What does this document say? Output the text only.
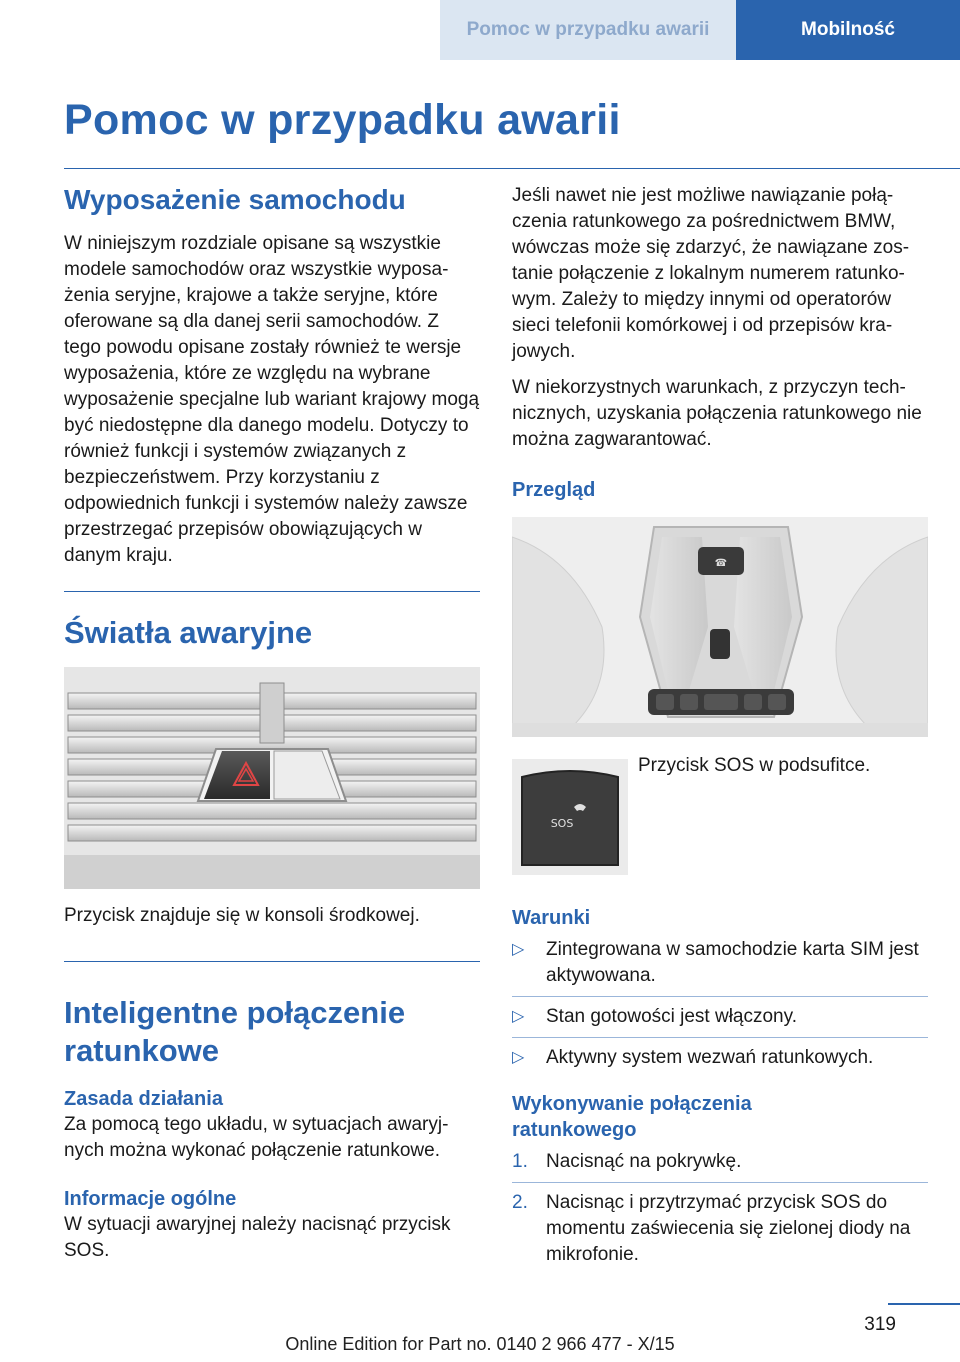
Pomoc w przypadku awarii	Mobilność
Pomoc w przypadku awarii
Wyposażenie samochodu

W niniejszym rozdziale opisane są wszystkie modele samochodów oraz wszystkie wyposażenia seryjne, krajowe a także seryjne, które oferowane są dla danej serii samochodów. Z tego powodu opisane zostały również te wersje wyposażenia, które ze względu na wybrane wyposażenie specjalne lub wariant krajowy mogą być niedostępne dla danego modelu. Dotyczy to również funkcji i systemów związanych z bezpieczeństwem. Przy korzystaniu z odpowiednich funkcji i systemów należy zawsze przestrzegać przepisów obowiązujących w danym kraju.

Światła awaryjne

Przycisk znajduje się w konsoli środkowej.

Inteligentne połączenie ratunkowe
Zasada działania

Za pomocą tego układu, w sytuacjach awaryjnych można wykonać połączenie ratunkowe.

Informacje ogólne

W sytuacji awaryjnej należy nacisnąć przycisk SOS.

Jeśli nawet nie jest możliwe nawiązanie połączenia ratunkowego za pośrednictwem BMW, wówczas może się zdarzyć, że nawiązane zostanie połączenie z lokalnym numerem ratunkowym. Zależy to między innymi od operatorów sieci telefonii komórkowej i od przepisów krajowych.

W niekorzystnych warunkach, z przyczyn technicznych, uzyskania połączenia ratunkowego nie można zagwarantować.

Przegląd
☎
SOS

Przycisk SOS w podsufitce.

Warunki
▷ Zintegrowana w samochodzie karta SIM jest aktywowana.
▷ Stan gotowości jest włączony.
▷ Aktywny system wezwań ratunkowych.
Wykonywanie połączenia ratunkowego
1. Nacisnąć na pokrywkę.
2. Nacisnąc i przytrzymać przycisk SOS do momentu zaświecenia się zielonej diody na mikrofonie.
319
Online Edition for Part no. 0140 2 966 477 - X/15
